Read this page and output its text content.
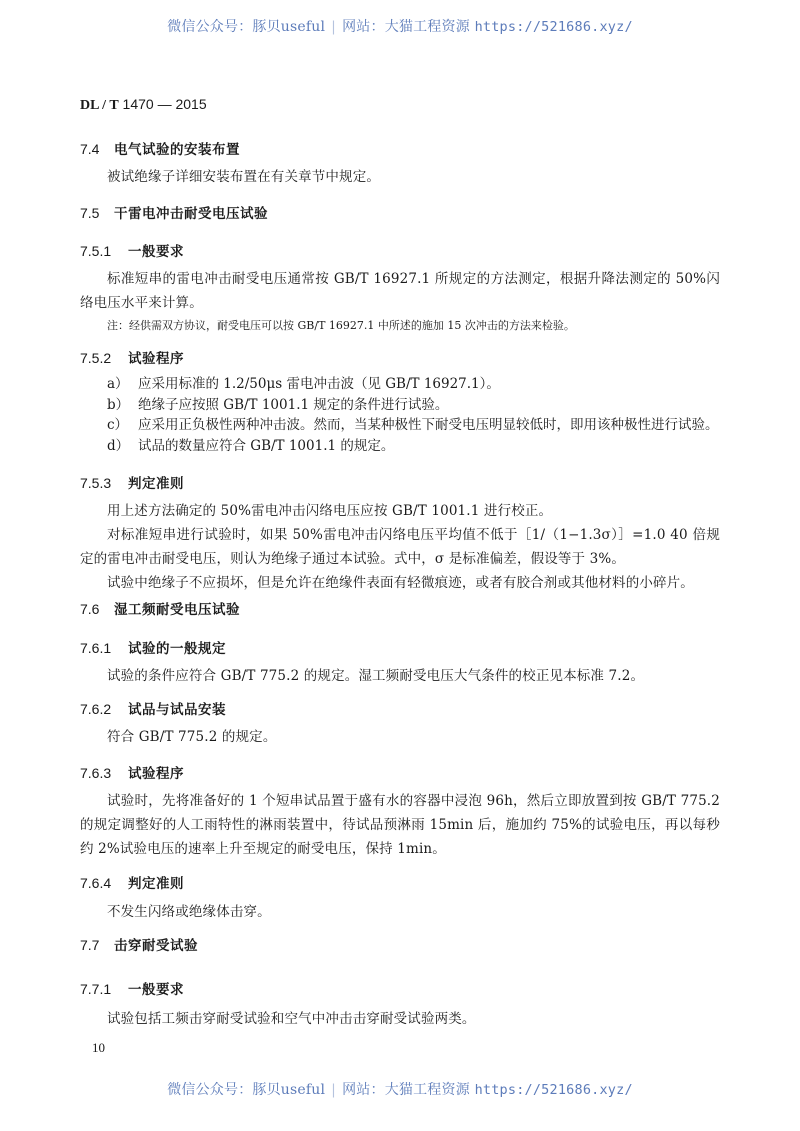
微信公众号：豚贝useful | 网站：大猫工程资源 https://521686.xyz/
DL / T 1470 — 2015
7.4 电气试验的安装布置
被试绝缘子详细安装布置在有关章节中规定。
7.5 干雷电冲击耐受电压试验
7.5.1 一般要求
标准短串的雷电冲击耐受电压通常按 GB/T 16927.1 所规定的方法测定，根据升降法测定的 50%闪络电压水平来计算。
注：经供需双方协议，耐受电压可以按 GB/T 16927.1 中所述的施加 15 次冲击的方法来检验。
7.5.2 试验程序
a） 应采用标准的 1.2/50μs 雷电冲击波（见 GB/T 16927.1）。
b） 绝缘子应按照 GB/T 1001.1 规定的条件进行试验。
c） 应采用正负极性两种冲击波。然而，当某种极性下耐受电压明显较低时，即用该种极性进行试验。
d） 试品的数量应符合 GB/T 1001.1 的规定。
7.5.3 判定准则
用上述方法确定的 50%雷电冲击闪络电压应按 GB/T 1001.1 进行校正。
对标准短串进行试验时，如果 50%雷电冲击闪络电压平均值不低于［1/（1−1.3σ）］=1.0 40 倍规定的雷电冲击耐受电压，则认为绝缘子通过本试验。式中，σ 是标准偏差，假设等于 3%。
试验中绝缘子不应损坏，但是允许在绝缘件表面有轻微痕迹，或者有胶合剂或其他材料的小碎片。
7.6 湿工频耐受电压试验
7.6.1 试验的一般规定
试验的条件应符合 GB/T 775.2 的规定。湿工频耐受电压大气条件的校正见本标准 7.2。
7.6.2 试品与试品安装
符合 GB/T 775.2 的规定。
7.6.3 试验程序
试验时，先将准备好的 1 个短串试品置于盛有水的容器中浸泡 96h，然后立即放置到按 GB/T 775.2 的规定调整好的人工雨特性的淋雨装置中，待试品预淋雨 15min 后，施加约 75%的试验电压，再以每秒约 2%试验电压的速率上升至规定的耐受电压，保持 1min。
7.6.4 判定准则
不发生闪络或绝缘体击穿。
7.7 击穿耐受试验
7.7.1 一般要求
试验包括工频击穿耐受试验和空气中冲击击穿耐受试验两类。
10
微信公众号：豚贝useful | 网站：大猫工程资源 https://521686.xyz/
